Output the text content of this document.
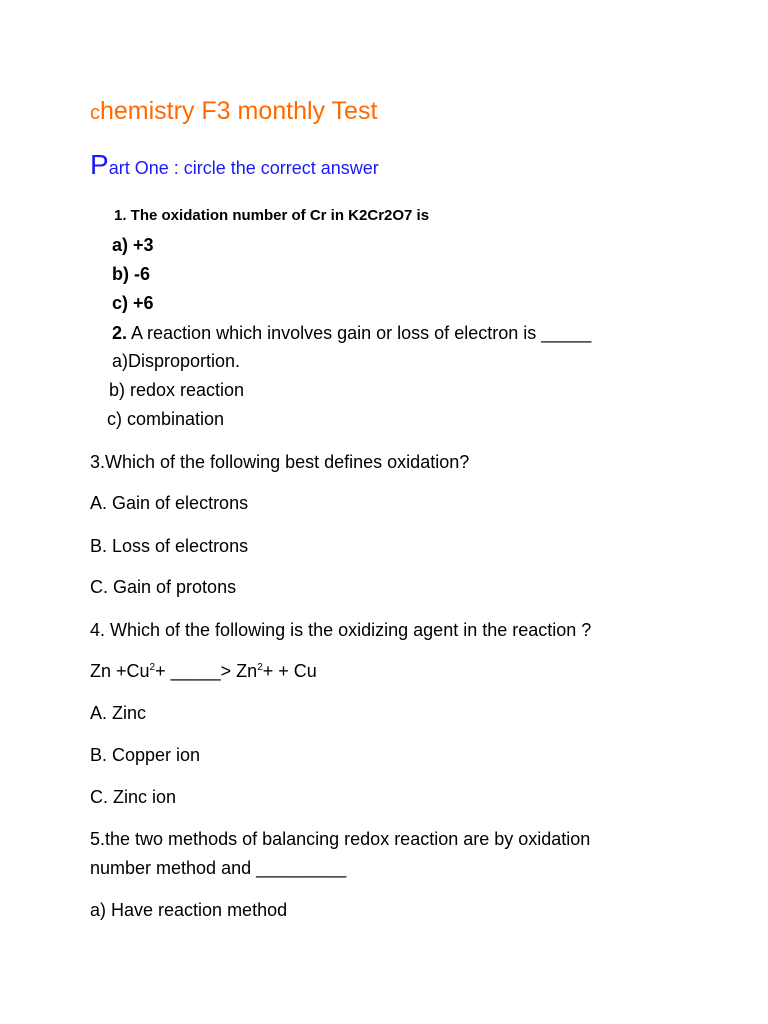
chemistry F3 monthly Test
Part One : circle the correct answer
1. The oxidation number of Cr in K2Cr2O7 is
a) +3
b) -6
c) +6
2. A reaction which involves gain or loss of electron is _____
a)Disproportion.
b) redox reaction
c) combination
3.Which of the following best defines oxidation?
A. Gain of electrons
B. Loss of electrons
C. Gain of protons
4. Which of the following is the oxidizing agent in the reaction ?
$Zn +Cu^2+$ _____> $Zn^2+ + Cu$
A. Zinc
B. Copper ion
C. Zinc ion
5.the two methods of balancing redox reaction are by oxidation
number method and _________
a) Have reaction method
